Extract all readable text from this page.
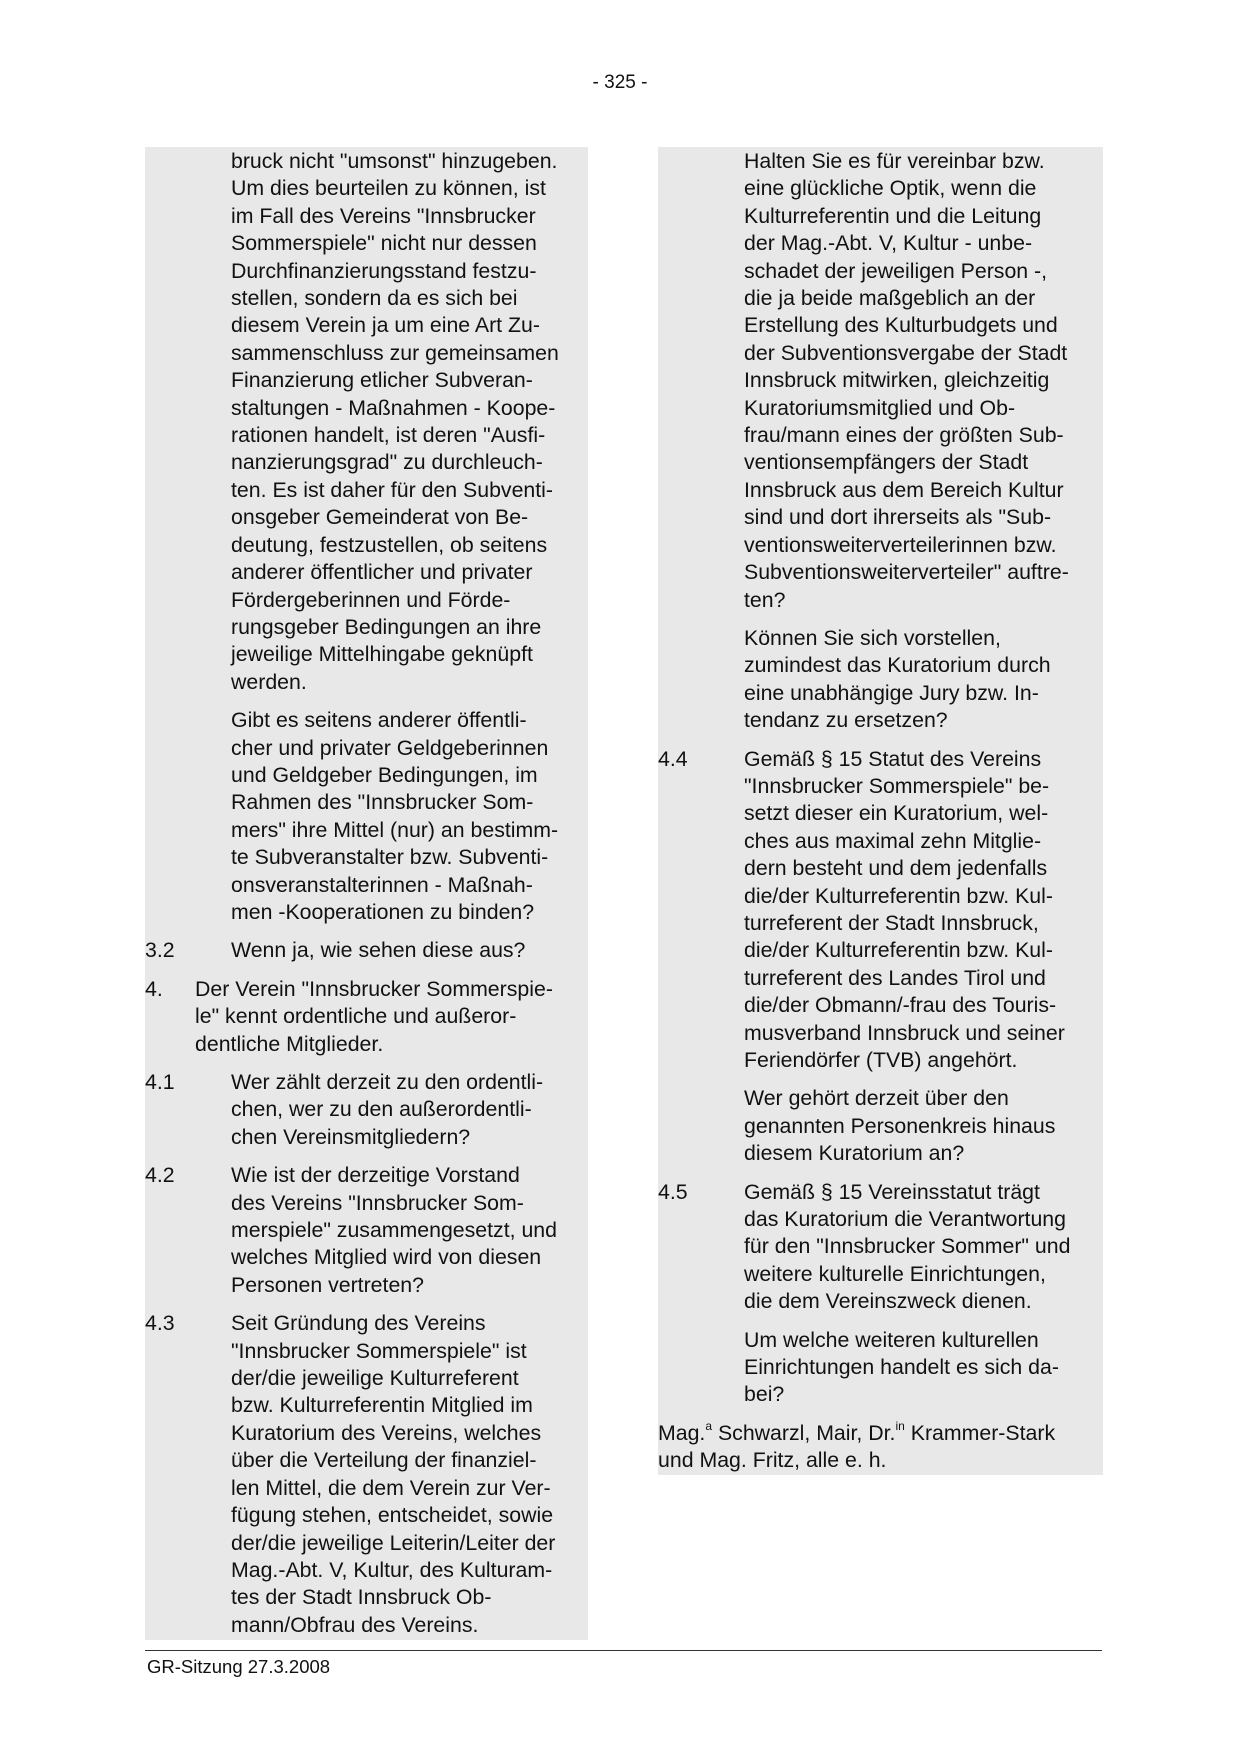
- 325 -
bruck nicht "umsonst" hinzugeben.
Um dies beurteilen zu können, ist
im Fall des Vereins "Innsbrucker
Sommerspiele" nicht nur dessen
Durchfinanzierungsstand festzu-
stellen, sondern da es sich bei
diesem Verein ja um eine Art Zu-
sammenschluss zur gemeinsamen
Finanzierung etlicher Subveran-
staltungen - Maßnahmen - Koope-
rationen handelt, ist deren "Ausfi-
nanzierungsgrad" zu durchleuch-
ten. Es ist daher für den Subventi-
onsgeber Gemeinderat von Be-
deutung, festzustellen, ob seitens
anderer öffentlicher und privater
Fördergeberinnen und Förde-
rungsgeber Bedingungen an ihre
jeweilige Mittelhingabe geknüpft
werden.
Gibt es seitens anderer öffentli-
cher und privater Geldgeberinnen
und Geldgeber Bedingungen, im
Rahmen des "Innsbrucker Som-
mers" ihre Mittel (nur) an bestimm-
te Subveranstalter bzw. Subventi-
onsveranstalterinnen - Maßnah-
men -Kooperationen zu binden?
3.2	Wenn ja, wie sehen diese aus?
4.	Der Verein "Innsbrucker Sommerspie-
le" kennt ordentliche und außeror-
dentliche Mitglieder.
4.1	Wer zählt derzeit zu den ordentli-
chen, wer zu den außerordentli-
chen Vereinsmitgliedern?
4.2	Wie ist der derzeitige Vorstand
des Vereins "Innsbrucker Som-
merspiele" zusammengesetzt, und
welches Mitglied wird von diesen
Personen vertreten?
4.3	Seit Gründung des Vereins
"Innsbrucker Sommerspiele" ist
der/die jeweilige Kulturreferent
bzw. Kulturreferentin Mitglied im
Kuratorium des Vereins, welches
über die Verteilung der finanziel-
len Mittel, die dem Verein zur Ver-
fügung stehen, entscheidet, sowie
der/die jeweilige Leiterin/Leiter der
Mag.-Abt. V, Kultur, des Kulturam-
tes der Stadt Innsbruck Ob-
mann/Obfrau des Vereins.
Halten Sie es für vereinbar bzw.
eine glückliche Optik, wenn die
Kulturreferentin und die Leitung
der Mag.-Abt. V, Kultur - unbe-
schadet der jeweiligen Person -,
die ja beide maßgeblich an der
Erstellung des Kulturbudgets und
der Subventionsvergabe der Stadt
Innsbruck mitwirken, gleichzeitig
Kuratoriumsmitglied und Ob-
frau/mann eines der größten Sub-
ventionsempfängers der Stadt
Innsbruck aus dem Bereich Kultur
sind und dort ihrerseits als "Sub-
ventionsweiterverteilerinnen bzw.
Subventionsweiterverteiler" auftre-
ten?
Können Sie sich vorstellen,
zumindest das Kuratorium durch
eine unabhängige Jury bzw. In-
tendanz zu ersetzen?
4.4	Gemäß § 15 Statut des Vereins
"Innsbrucker Sommerspiele" be-
setzt dieser ein Kuratorium, wel-
ches aus maximal zehn Mitglie-
dern besteht und dem jedenfalls
die/der Kulturreferentin bzw. Kul-
turreferent der Stadt Innsbruck,
die/der Kulturreferentin bzw. Kul-
turreferent des Landes Tirol und
die/der Obmann/-frau des Touris-
musverband Innsbruck und seiner
Feriendörfer (TVB) angehört.
Wer gehört derzeit über den
genannten Personenkreis hinaus
diesem Kuratorium an?
4.5	Gemäß § 15 Vereinsstatut trägt
das Kuratorium die Verantwortung
für den "Innsbrucker Sommer" und
weitere kulturelle Einrichtungen,
die dem Vereinszweck dienen.
Um welche weiteren kulturellen
Einrichtungen handelt es sich da-
bei?
Mag.$^a$ Schwarzl, Mair, Dr.$^{in}$ Krammer-Stark
und Mag. Fritz, alle e. h.
GR-Sitzung 27.3.2008
